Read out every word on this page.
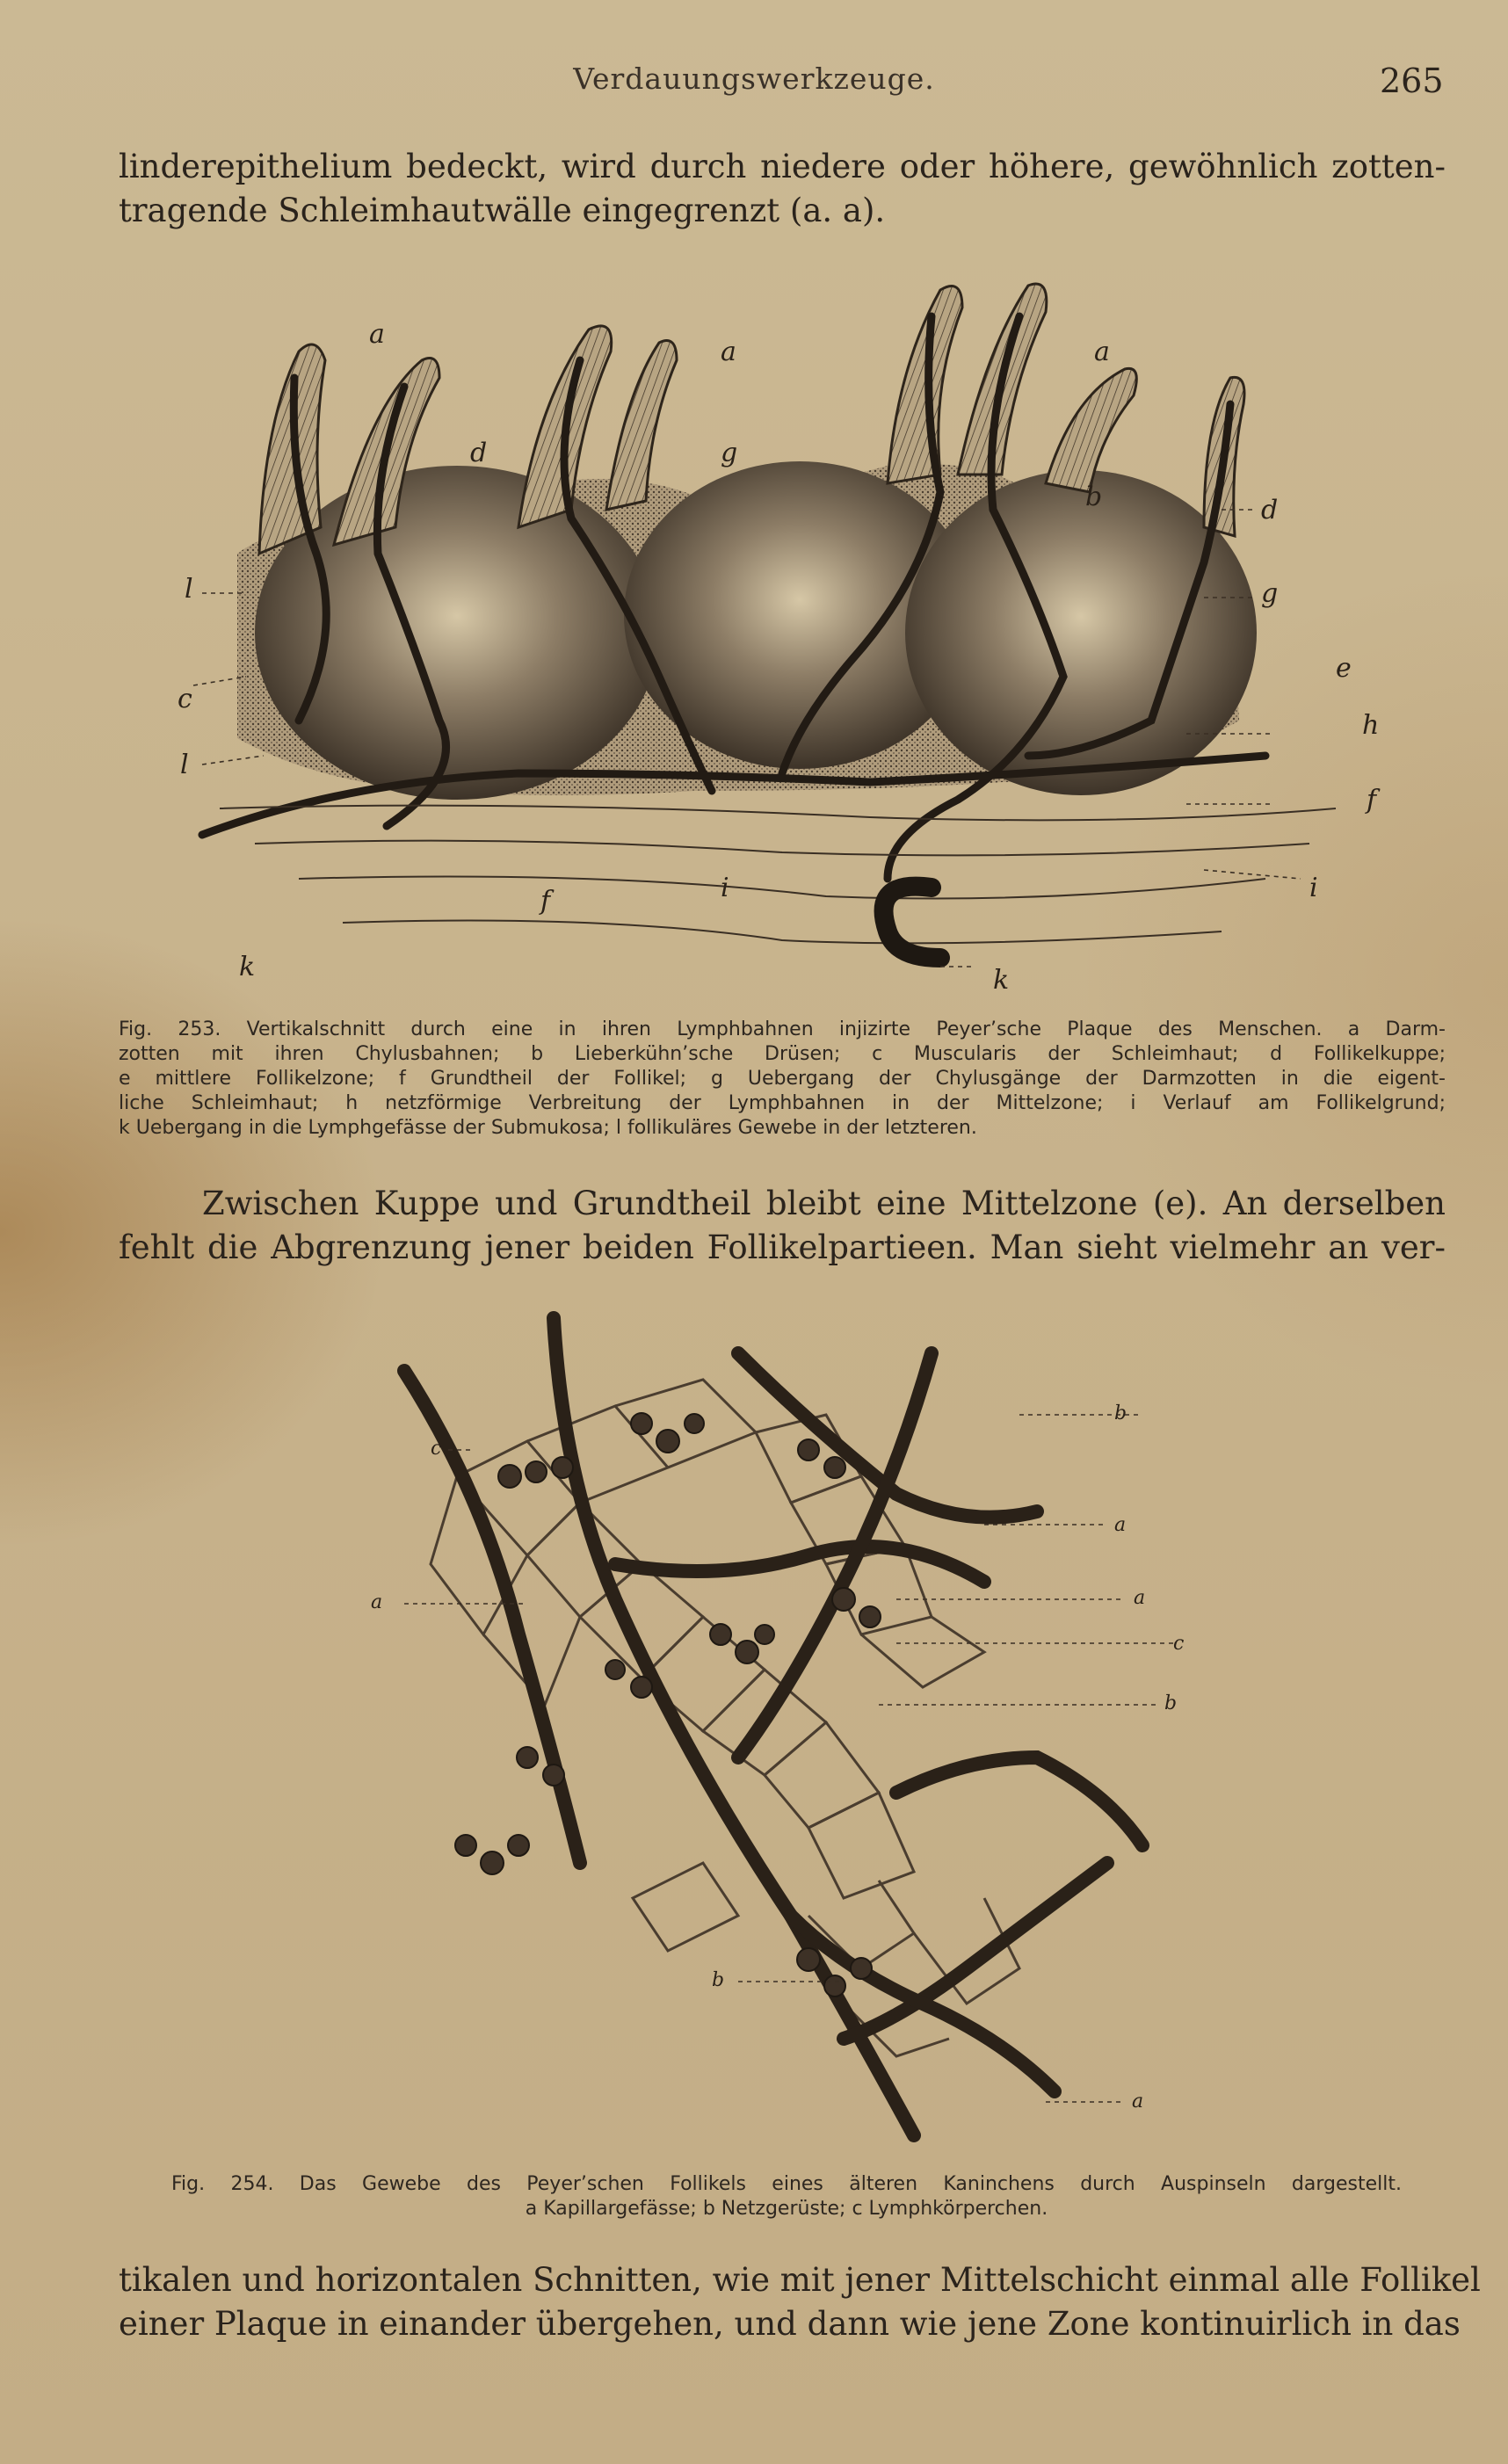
Verdauungswerkzeuge.	265
linderepithelium bedeckt, wird durch niedere oder höhere, gewöhnlich zotten-
tragende Schleimhautwälle eingegrenzt (a. a).
a
a	a
d
d
g
g
b
l
l
c
e
h
f
f
i	i
k	k
Fig. 253. Vertikalschnitt durch eine in ihren Lymphbahnen injizirte Peyer’sche Plaque des Menschen. a Darm-
zotten mit ihren Chylusbahnen; b Lieberkühn’sche Drüsen; c Muscularis der Schleimhaut; d Follikelkuppe;
e mittlere Follikelzone; f Grundtheil der Follikel; g Uebergang der Chylusgänge der Darmzotten in die eigent-
liche Schleimhaut; h netzförmige Verbreitung der Lymphbahnen in der Mittelzone; i Verlauf am Follikelgrund;
k Uebergang in die Lymphgefässe der Submukosa; l follikuläres Gewebe in der letzteren.
Zwischen Kuppe und Grundtheil bleibt eine Mittelzone (e). An derselben
fehlt die Abgrenzung jener beiden Follikelpartieen. Man sieht vielmehr an ver-
b
c
a
a	a
c
b
b
a
Fig. 254. Das Gewebe des Peyer’schen Follikels eines älteren Kaninchens durch Auspinseln dargestellt.
a Kapillargefässe; b Netzgerüste; c Lymphkörperchen.
tikalen und horizontalen Schnitten, wie mit jener Mittelschicht einmal alle Follikel
einer Plaque in einander übergehen, und dann wie jene Zone kontinuirlich in das
